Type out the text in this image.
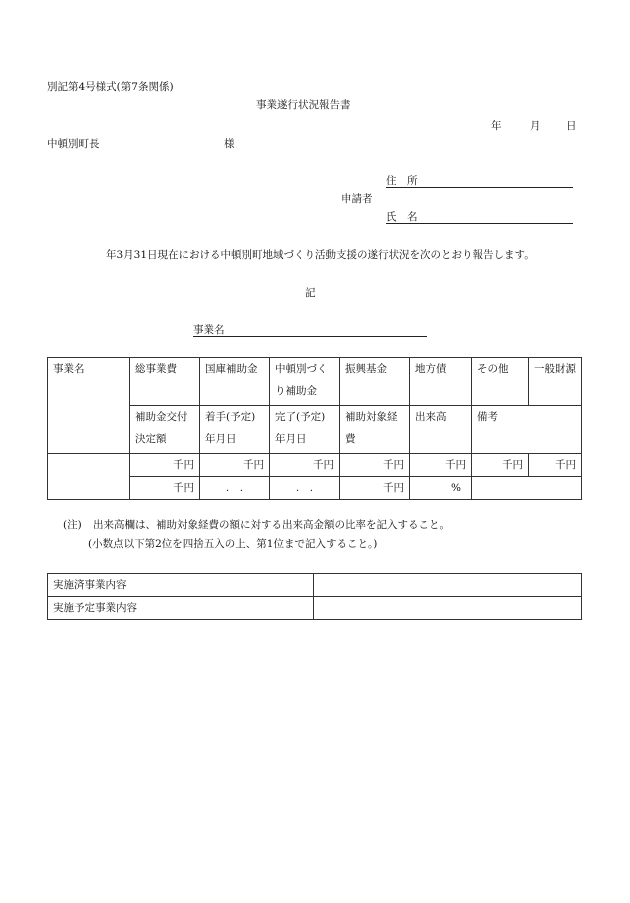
別記第4号様式(第7条関係)
事業遂行状況報告書
年	月 日
中頓別町長	様
住　所
申請者
氏　名
年3月31日現在における中頓別町地域づくり活動支援の遂行状況を次のとおり報告します。
記
事業名
事業名	総事業費	国庫補助金	中頓別づくり補助金	振興基金	地方債	その他	一般財源
	補助金交付決定額	着手(予定)年月日	完了(予定)年月日	補助対象経費	出来高	備考	
	千円	千円	千円	千円	千円	千円	千円
	千円	.　.	.　.	千円	%		
(注) 出来高欄は、補助対象経費の額に対する出来高金額の比率を記入すること。
(小数点以下第2位を四捨五入の上、第1位まで記入すること。)
実施済事業内容	
実施予定事業内容	
